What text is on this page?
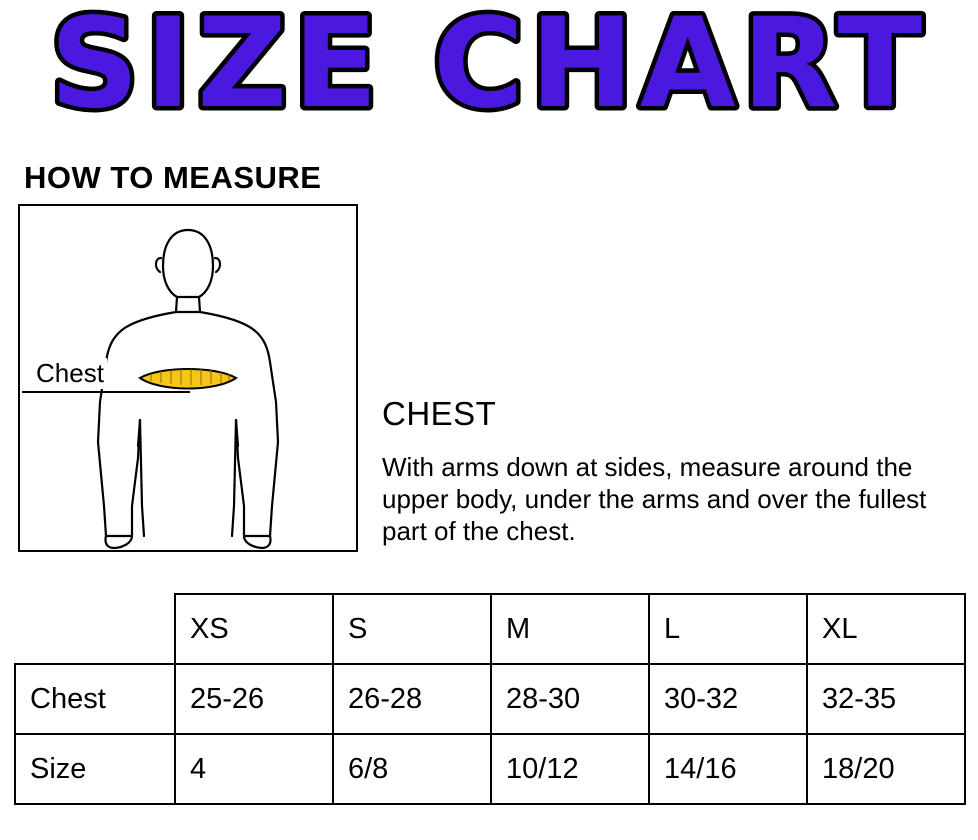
SIZE CHART
HOW TO MEASURE
Chest
CHEST
With arms down at sides, measure around the upper body, under the arms and over the fullest part of the chest.
	XS	S	M	L	XL
Chest	25-26	26-28	28-30	30-32	32-35
Size	4	6/8	10/12	14/16	18/20
